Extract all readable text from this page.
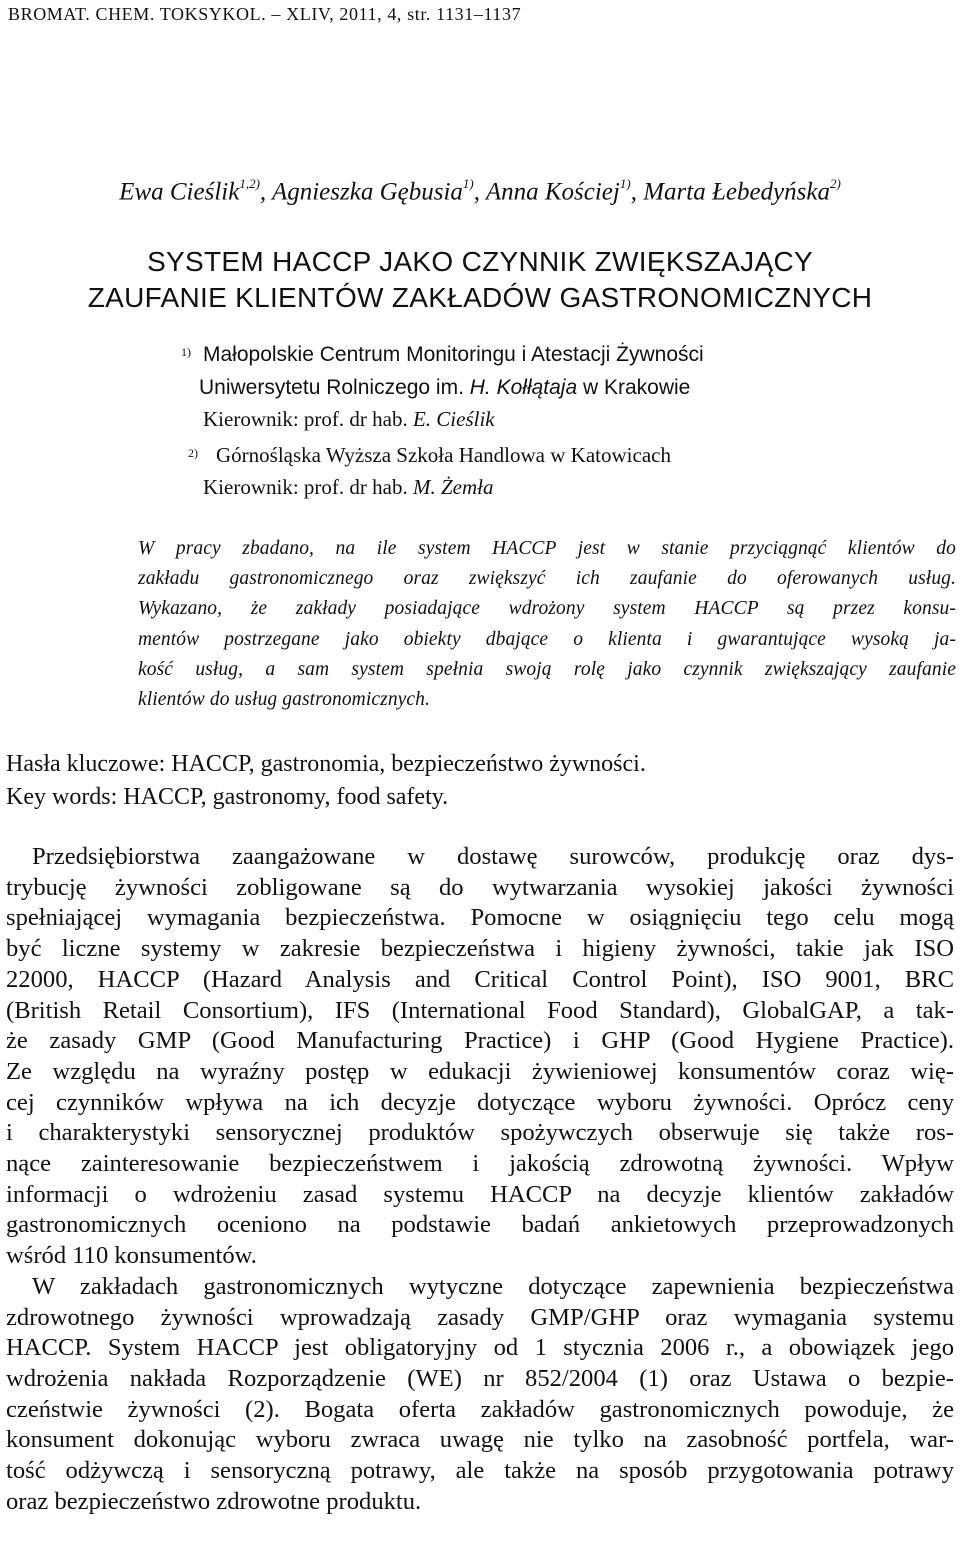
BROMAT. CHEM. TOKSYKOL. – XLIV, 2011, 4, str. 1131–1137
Ewa Cieślik$^{1,2)}$, Agnieszka Gębusia$^{1)}$, Anna Kościej$^{1)}$, Marta Łebedyńska$^{2)}$
SYSTEM HACCP JAKO CZYNNIK ZWIĘKSZAJĄCY
ZAUFANIE KLIENTÓW ZAKŁADÓW GASTRONOMICZNYCH
1) Małopolskie Centrum Monitoringu i Atestacji Żywności
Uniwersytetu Rolniczego im. H. Kołłątaja w Krakowie
Kierownik: prof. dr hab. E. Cieślik
2) Górnośląska Wyższa Szkoła Handlowa w Katowicach
Kierownik: prof. dr hab. M. Żemła
W pracy zbadano, na ile system HACCP jest w stanie przyciągnąć klientów do
zakładu gastronomicznego oraz zwiększyć ich zaufanie do oferowanych usług.
Wykazano, że zakłady posiadające wdrożony system HACCP są przez konsu-
mentów postrzegane jako obiekty dbające o klienta i gwarantujące wysoką ja-
kość usług, a sam system spełnia swoją rolę jako czynnik zwiększający zaufanie
klientów do usług gastronomicznych.
Hasła kluczowe: HACCP, gastronomia, bezpieczeństwo żywności.
Key words: HACCP, gastronomy, food safety.
Przedsiębiorstwa zaangażowane w dostawę surowców, produkcję oraz dys-
trybucję żywności zobligowane są do wytwarzania wysokiej jakości żywności
spełniającej wymagania bezpieczeństwa. Pomocne w osiągnięciu tego celu mogą
być liczne systemy w zakresie bezpieczeństwa i higieny żywności, takie jak ISO
22000, HACCP (Hazard Analysis and Critical Control Point), ISO 9001, BRC
(British Retail Consortium), IFS (International Food Standard), GlobalGAP, a tak-
że zasady GMP (Good Manufacturing Practice) i GHP (Good Hygiene Practice).
Ze względu na wyraźny postęp w edukacji żywieniowej konsumentów coraz wię-
cej czynników wpływa na ich decyzje dotyczące wyboru żywności. Oprócz ceny
i charakterystyki sensorycznej produktów spożywczych obserwuje się także ros-
nące zainteresowanie bezpieczeństwem i jakością zdrowotną żywności. Wpływ
informacji o wdrożeniu zasad systemu HACCP na decyzje klientów zakładów
gastronomicznych oceniono na podstawie badań ankietowych przeprowadzonych
wśród 110 konsumentów.
W zakładach gastronomicznych wytyczne dotyczące zapewnienia bezpieczeństwa
zdrowotnego żywności wprowadzają zasady GMP/GHP oraz wymagania systemu
HACCP. System HACCP jest obligatoryjny od 1 stycznia 2006 r., a obowiązek jego
wdrożenia nakłada Rozporządzenie (WE) nr 852/2004 (1) oraz Ustawa o bezpie-
czeństwie żywności (2). Bogata oferta zakładów gastronomicznych powoduje, że
konsument dokonując wyboru zwraca uwagę nie tylko na zasobność portfela, war-
tość odżywczą i sensoryczną potrawy, ale także na sposób przygotowania potrawy
oraz bezpieczeństwo zdrowotne produktu.
